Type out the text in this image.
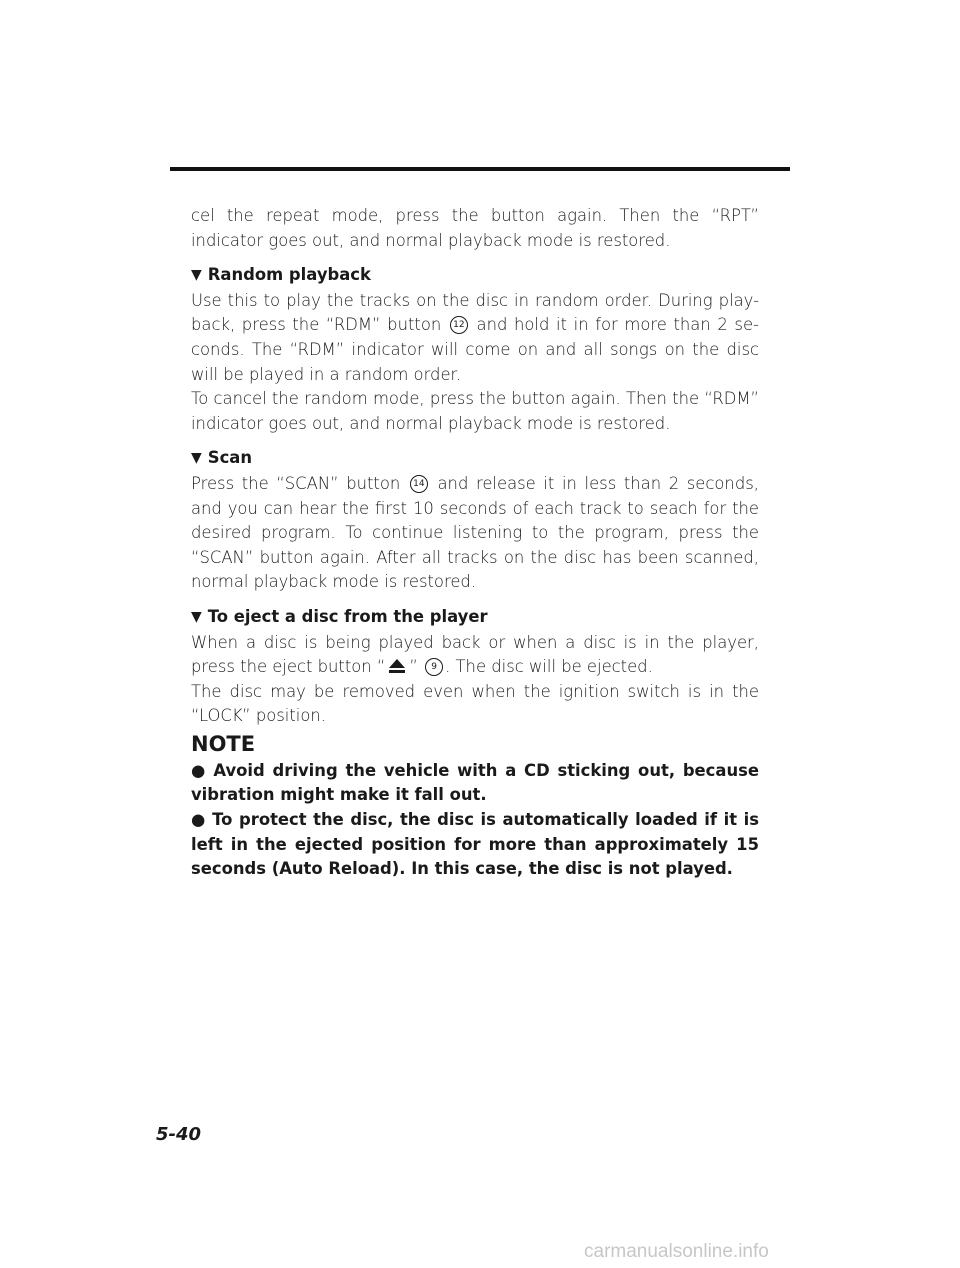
cel the repeat mode, press the button again. Then the “RPT” indicator goes out, and normal playback mode is restored.

▼ Random playback

Use this to play the tracks on the disc in random order. During play-back, press the “RDM” button 12 and hold it in for more than 2 se-conds. The “RDM” indicator will come on and all songs on the disc will be played in a random order.

To cancel the random mode, press the button again. Then the “RDM” indicator goes out, and normal playback mode is restored.

▼ Scan

Press the “SCAN” button 14 and release it in less than 2 seconds, and you can hear the first 10 seconds of each track to seach for the desired program. To continue listening to the program, press the “SCAN” button again. After all tracks on the disc has been scanned, normal playback mode is restored.

▼ To eject a disc from the player

When a disc is being played back or when a disc is in the player, press the eject button “ ” 9 . The disc will be ejected.

The disc may be removed even when the ignition switch is in the “LOCK” position.

NOTE

● Avoid driving the vehicle with a CD sticking out, because vibration might make it fall out.

● To protect the disc, the disc is automatically loaded if it is left in the ejected position for more than approximately 15 seconds (Auto Reload). In this case, the disc is not played.

5-40
carmanualsonline.info
